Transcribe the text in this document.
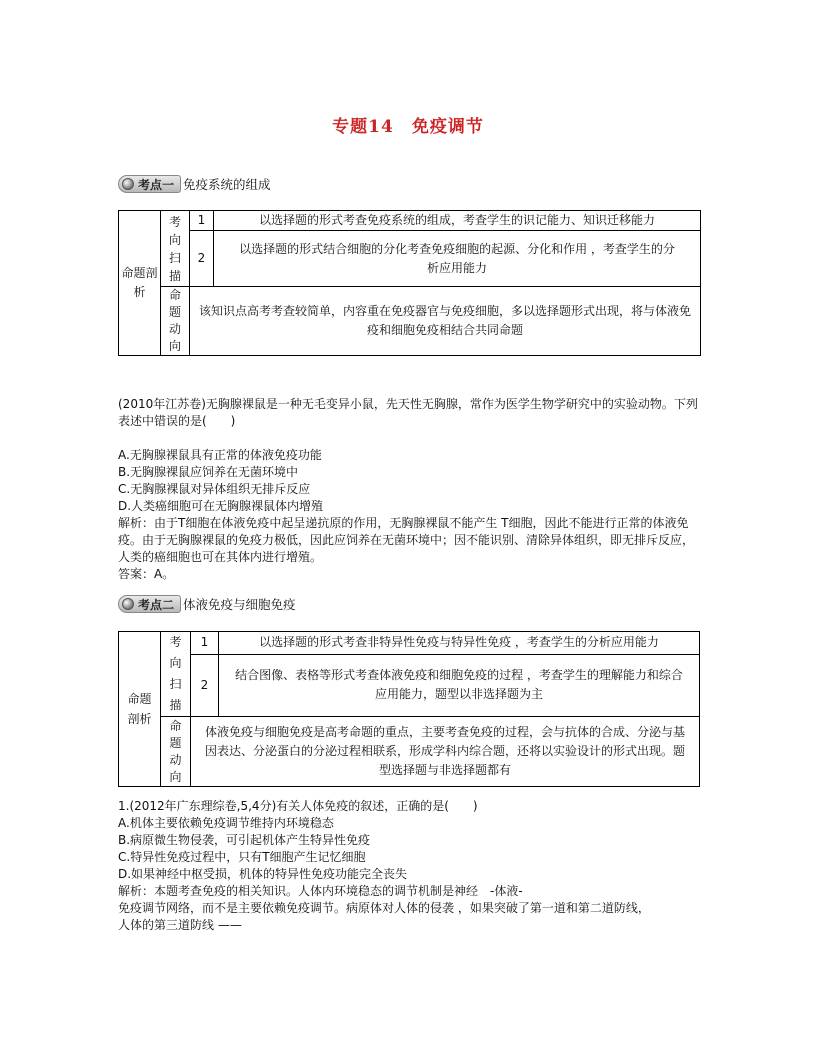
专题14　免疫调节
考点一 免疫系统的组成
命题剖析	考向扫描	1	以选择题的形式考查免疫系统的组成，考查学生的识记能力、知识迁移能力
		2	以选择题的形式结合细胞的分化考查免疫细胞的起源、分化和作用 ，考查学生的分析应用能力
	命题动向	该知识点高考考查较简单，内容重在免疫器官与免疫细胞，多以选择题形式出现，将与体液免疫和细胞免疫相结合共同命题	

(2010年江苏卷)无胸腺裸鼠是一种无毛变异小鼠，先天性无胸腺，常作为医学生物学研究中的实验动物。下列表述中错误的是(　　)

A.无胸腺裸鼠具有正常的体液免疫功能

B.无胸腺裸鼠应饲养在无菌环境中

C.无胸腺裸鼠对异体组织无排斥反应

D.人类癌细胞可在无胸腺裸鼠体内增殖

解析：由于T细胞在体液免疫中起呈递抗原的作用，无胸腺裸鼠不能产生 T细胞，因此不能进行正常的体液免疫。由于无胸腺裸鼠的免疫力极低，因此应饲养在无菌环境中；因不能识别、清除异体组织，即无排斥反应，人类的癌细胞也可在其体内进行增殖。

答案：A。

考点二 体液免疫与细胞免疫
命题剖析	考向扫描	1	以选择题的形式考查非特异性免疫与特异性免疫 ，考查学生的分析应用能力
		2	结合图像、表格等形式考查体液免疫和细胞免疫的过程 ，考查学生的理解能力和综合应用能力，题型以非选择题为主
	命题动向	体液免疫与细胞免疫是高考命题的重点，主要考查免疫的过程，会与抗体的合成、分泌与基因表达、分泌蛋白的分泌过程相联系，形成学科内综合题，还将以实验设计的形式出现。题型选择题与非选择题都有	

1.(2012年广东理综卷,5,4分)有关人体免疫的叙述，正确的是(　　)

A.机体主要依赖免疫调节维持内环境稳态

B.病原微生物侵袭，可引起机体产生特异性免疫

C.特异性免疫过程中，只有T细胞产生记忆细胞

D.如果神经中枢受损，机体的特异性免疫功能完全丧失

解析：本题考查免疫的相关知识。人体内环境稳态的调节机制是神经　-体液-

免疫调节网络，而不是主要依赖免疫调节。病原体对人体的侵袭 ，如果突破了第一道和第二道防线，

人体的第三道防线 ——
